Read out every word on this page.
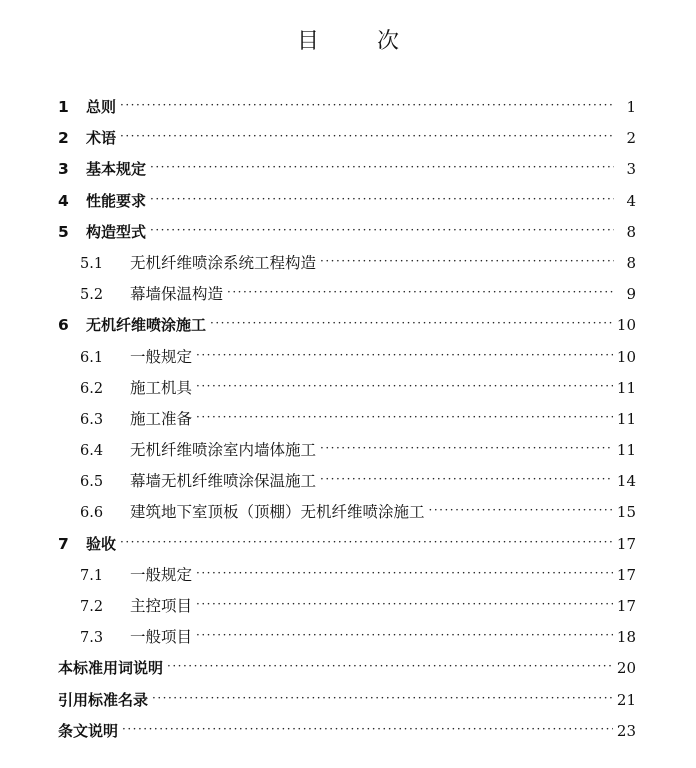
目　次
1	总则 ·····	1
2	术语 ·····	2
3	基本规定 ·····	3
4	性能要求 ·····	4
5	构造型式 ·····	8
5.1	无机纤维喷涂系统工程构造 ·····	8
5.2	幕墙保温构造 ·····	9
6	无机纤维喷涂施工 ·····	10
6.1	一般规定 ·····	10
6.2	施工机具 ·····	11
6.3	施工准备 ·····	11
6.4	无机纤维喷涂室内墙体施工 ·····	11
6.5	幕墙无机纤维喷涂保温施工 ·····	14
6.6	建筑地下室顶板（顶棚）无机纤维喷涂施工 ·····	15
7	验收 ·····	17
7.1	一般规定 ·····	17
7.2	主控项目 ·····	17
7.3	一般项目 ·····	18
本标准用词说明 ·····	20
引用标准名录 ·····	21
条文说明 ·····	23
